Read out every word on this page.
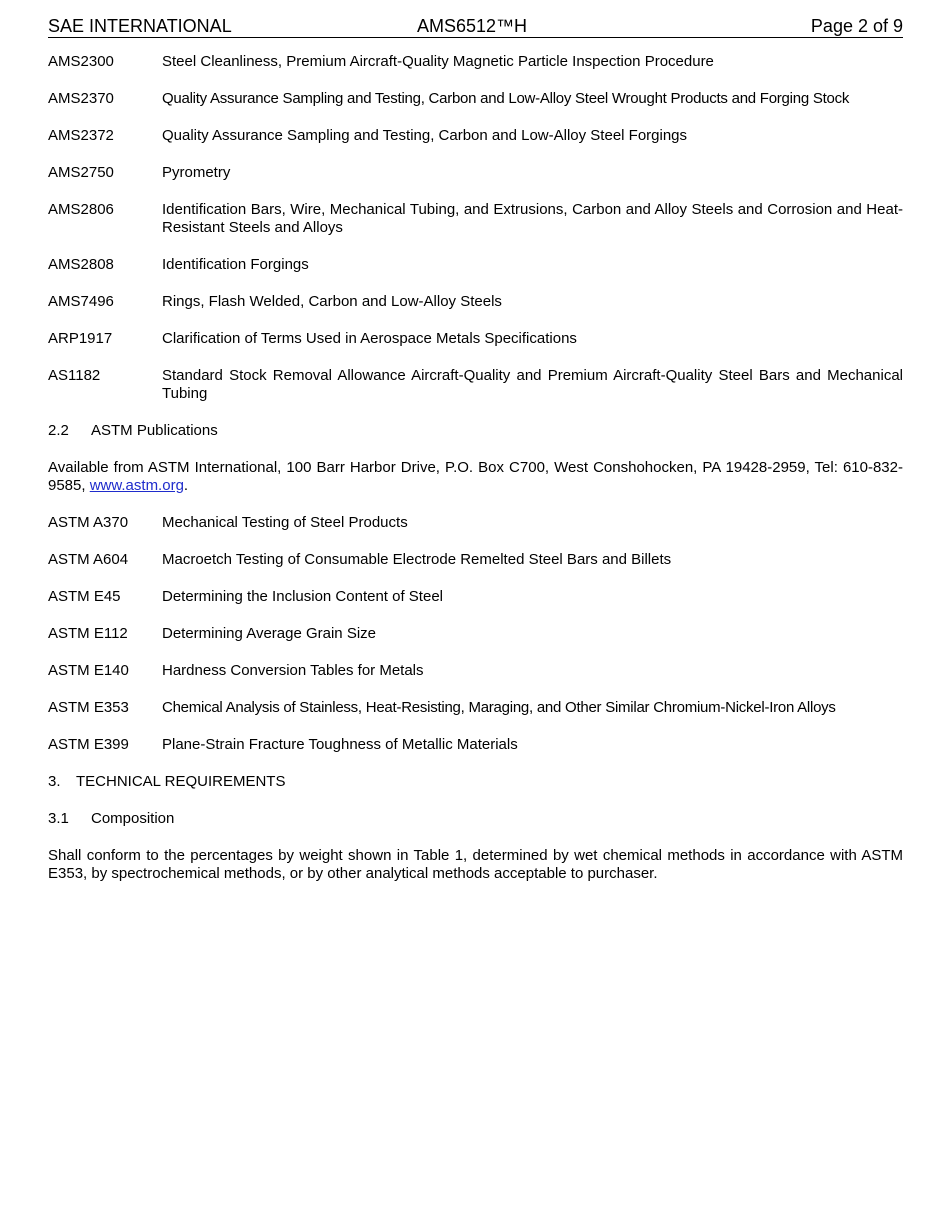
SAE INTERNATIONAL	AMS6512™H	Page 2 of 9
AMS2300	Steel Cleanliness, Premium Aircraft-Quality Magnetic Particle Inspection Procedure
AMS2370	Quality Assurance Sampling and Testing, Carbon and Low-Alloy Steel Wrought Products and Forging Stock
AMS2372	Quality Assurance Sampling and Testing, Carbon and Low-Alloy Steel Forgings
AMS2750	Pyrometry
AMS2806	Identification Bars, Wire, Mechanical Tubing, and Extrusions, Carbon and Alloy Steels and Corrosion and Heat-Resistant Steels and Alloys
AMS2808	Identification Forgings
AMS7496	Rings, Flash Welded, Carbon and Low-Alloy Steels
ARP1917	Clarification of Terms Used in Aerospace Metals Specifications
AS1182	Standard Stock Removal Allowance Aircraft-Quality and Premium Aircraft-Quality Steel Bars and Mechanical Tubing
2.2 ASTM Publications
Available from ASTM International, 100 Barr Harbor Drive, P.O. Box C700, West Conshohocken, PA 19428-2959, Tel: 610-832-9585, www.astm.org.
ASTM A370	Mechanical Testing of Steel Products
ASTM A604	Macroetch Testing of Consumable Electrode Remelted Steel Bars and Billets
ASTM E45	Determining the Inclusion Content of Steel
ASTM E112	Determining Average Grain Size
ASTM E140	Hardness Conversion Tables for Metals
ASTM E353	Chemical Analysis of Stainless, Heat-Resisting, Maraging, and Other Similar Chromium-Nickel-Iron Alloys
ASTM E399	Plane-Strain Fracture Toughness of Metallic Materials
3. TECHNICAL REQUIREMENTS
3.1 Composition
Shall conform to the percentages by weight shown in Table 1, determined by wet chemical methods in accordance with ASTM E353, by spectrochemical methods, or by other analytical methods acceptable to purchaser.
